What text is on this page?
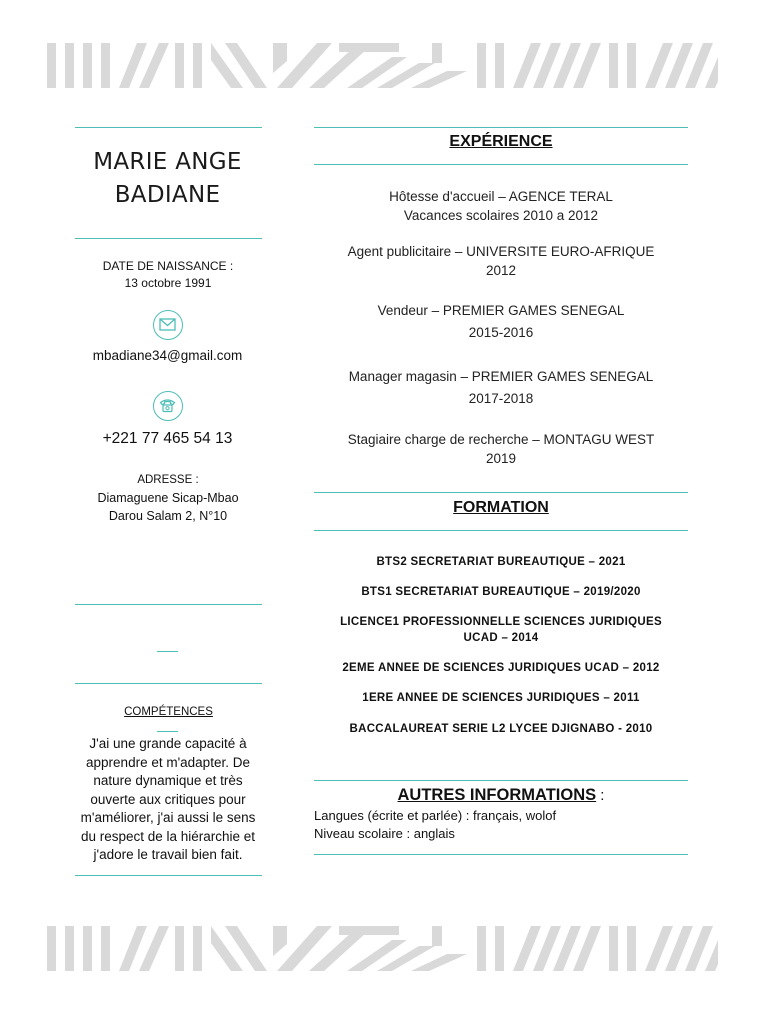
MARIE ANGE
BADIANE
DATE DE NAISSANCE :
13 octobre 1991
mbadiane34@gmail.com
+221 77 465 54 13
ADRESSE :
Diamaguene Sicap-Mbao
Darou Salam 2, N°10
COMPÉTENCES
J'ai une grande capacité à
apprendre et m'adapter. De
nature dynamique et très
ouverte aux critiques pour
m'améliorer, j'ai aussi le sens
du respect de la hiérarchie et
j'adore le travail bien fait.
EXPÉRIENCE
Hôtesse d'accueil – AGENCE TERAL
Vacances scolaires 2010 a 2012
Agent publicitaire – UNIVERSITE EURO-AFRIQUE
2012
Vendeur – PREMIER GAMES SENEGAL
2015-2016
Manager magasin – PREMIER GAMES SENEGAL
2017-2018
Stagiaire charge de recherche – MONTAGU WEST
2019
FORMATION
BTS2 SECRETARIAT BUREAUTIQUE – 2021
BTS1 SECRETARIAT BUREAUTIQUE – 2019/2020
LICENCE1 PROFESSIONNELLE SCIENCES JURIDIQUES
UCAD – 2014
2EME ANNEE DE SCIENCES JURIDIQUES UCAD – 2012
1ERE ANNEE DE SCIENCES JURIDIQUES – 2011
BACCALAUREAT SERIE L2 LYCEE DJIGNABO - 2010
AUTRES INFORMATIONS :
Langues (écrite et parlée) : français, wolof
Niveau scolaire : anglais
